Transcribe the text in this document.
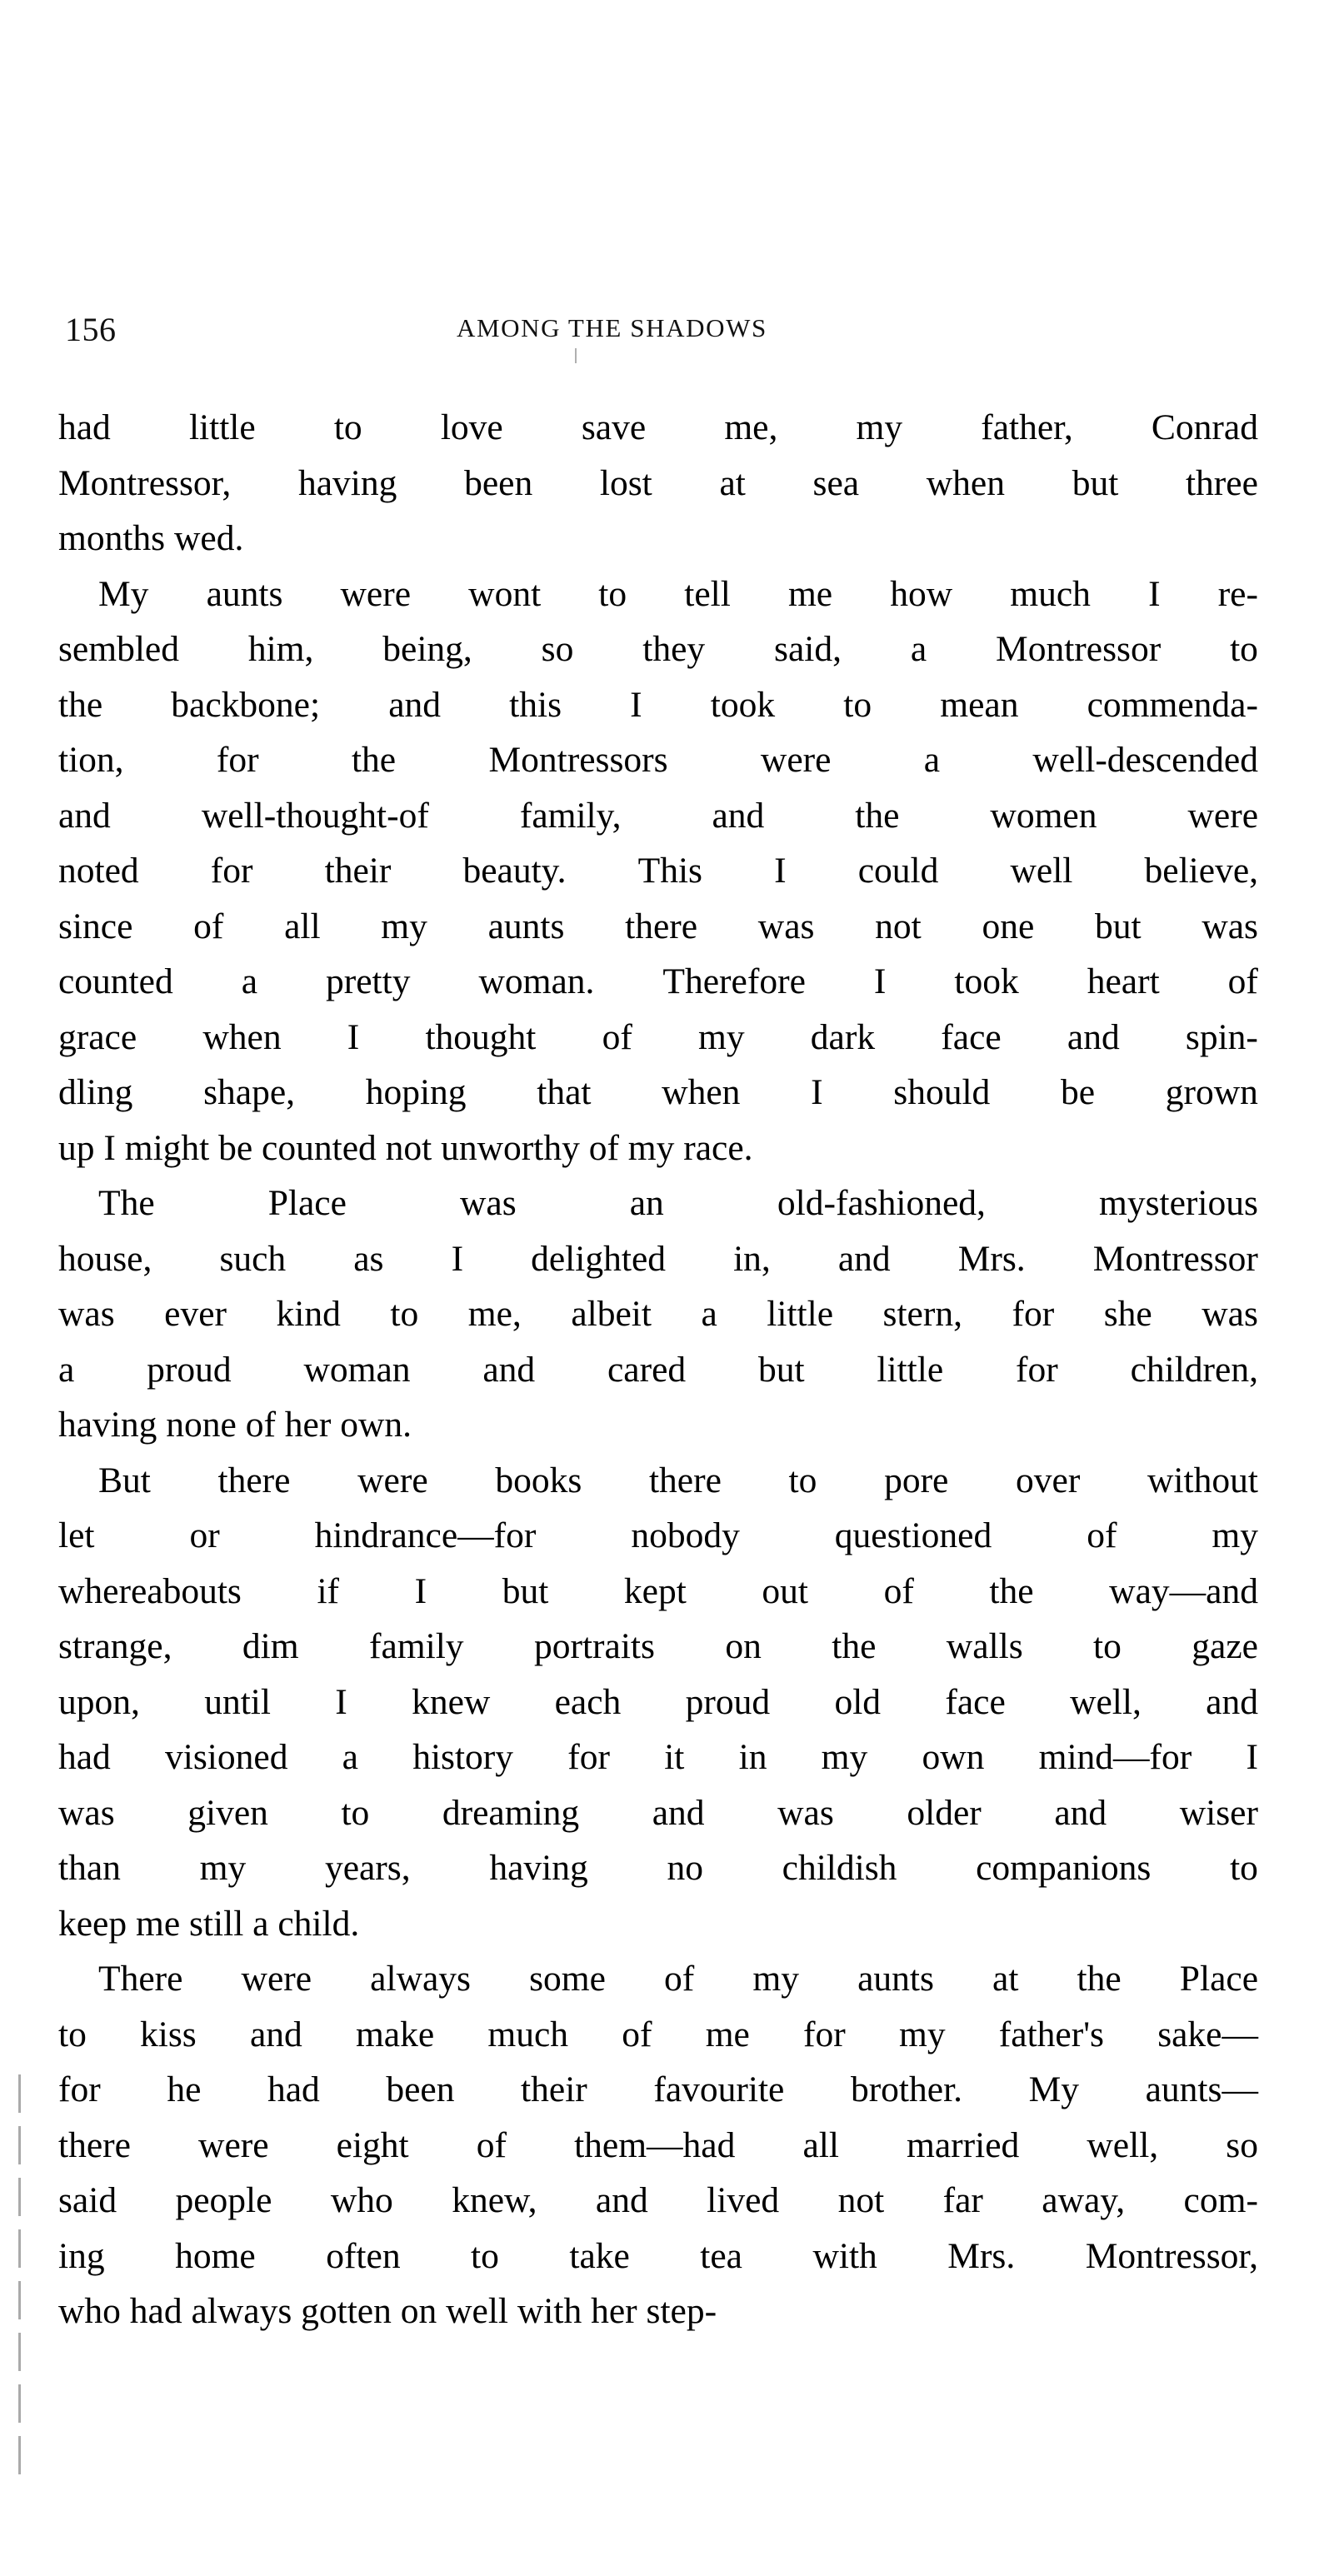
156	AMONG THE SHADOWS
had little to love save me, my father, Conrad
Montressor, having been lost at sea when but three
months wed.
My aunts were wont to tell me how much I re-
sembled him, being, so they said, a Montressor to
the backbone; and this I took to mean commenda-
tion,	for	the	Montressors	were	a	well-descended
and	well-thought-of	family,	and	the	women	were
noted for their beauty. This I could well believe,
since of all my aunts there was not one but was
counted a pretty woman. Therefore I took heart of
grace when I thought of my dark face and spin-
dling shape, hoping that when I should be grown
up I might be counted not unworthy of my race.
The	Place	was	an	old-fashioned,	mysterious
house, such as I delighted in, and Mrs. Montressor
was ever kind to me, albeit a little stern, for she was
a proud woman and cared but little for children,
having none of her own.
But there were books there to pore over without
let	or	hindrance—for	nobody	questioned	of	my
whereabouts if I but kept out of the way—and
strange, dim family portraits on the walls to gaze
upon, until I knew each proud old face well, and
had visioned a history for it in my own mind—for I
was given to dreaming and was older and wiser
than my years, having no childish companions to
keep me still a child.
There were always some of my aunts at the Place
to kiss and make much of me for my father's sake—
for he had been their favourite brother. My aunts—
there were eight of them—had all married well, so
said people who knew, and lived not far away, com-
ing home often to take tea with Mrs. Montressor,
who had always gotten on well with her step-
